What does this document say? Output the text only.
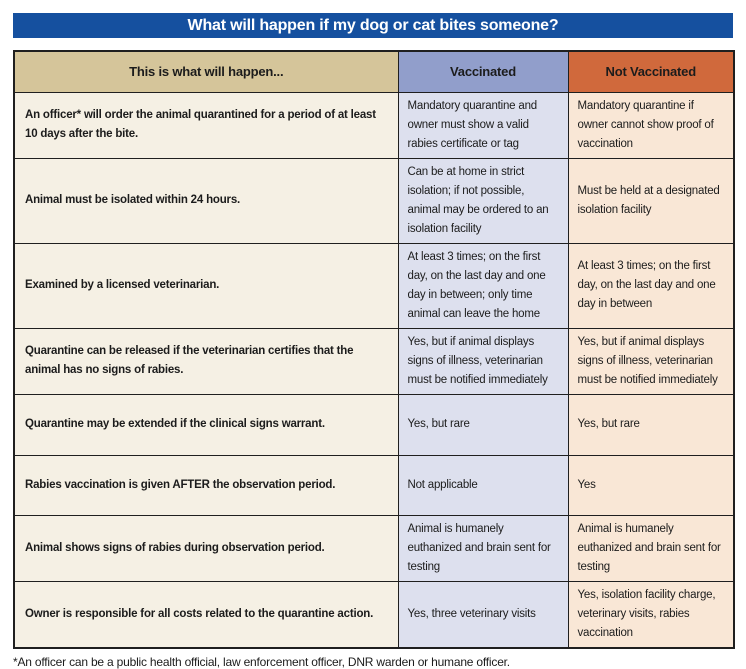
What will happen if my dog or cat bites someone?
This is what will happen...	Vaccinated	Not Vaccinated
An officer* will order the animal quarantined for a period of at least 10 days after the bite.	Mandatory quarantine and owner must show a valid rabies certificate or tag	Mandatory quarantine if owner cannot show proof of vaccination
Animal must be isolated within 24 hours.	Can be at home in strict isolation; if not possible, animal may be ordered to an isolation facility	Must be held at a designated isolation facility
Examined by a licensed veterinarian.	At least 3 times; on the first day, on the last day and one day in between; only time animal can leave the home	At least 3 times; on the first day, on the last day and one day in between
Quarantine can be released if the veterinarian certifies that the animal has no signs of rabies.	Yes, but if animal displays signs of illness, veterinarian must be notified immediately	Yes, but if animal displays signs of illness, veterinarian must be notified immediately
Quarantine may be extended if the clinical signs warrant.	Yes, but rare	Yes, but rare
Rabies vaccination is given AFTER the observation period.	Not applicable	Yes
Animal shows signs of rabies during observation period.	Animal is humanely euthanized and brain sent for testing	Animal is humanely euthanized and brain sent for testing
Owner is responsible for all costs related to the quarantine action.	Yes, three veterinary visits	Yes, isolation facility charge, veterinary visits, rabies vaccination
*An officer can be a public health official, law enforcement officer, DNR warden or humane officer.
